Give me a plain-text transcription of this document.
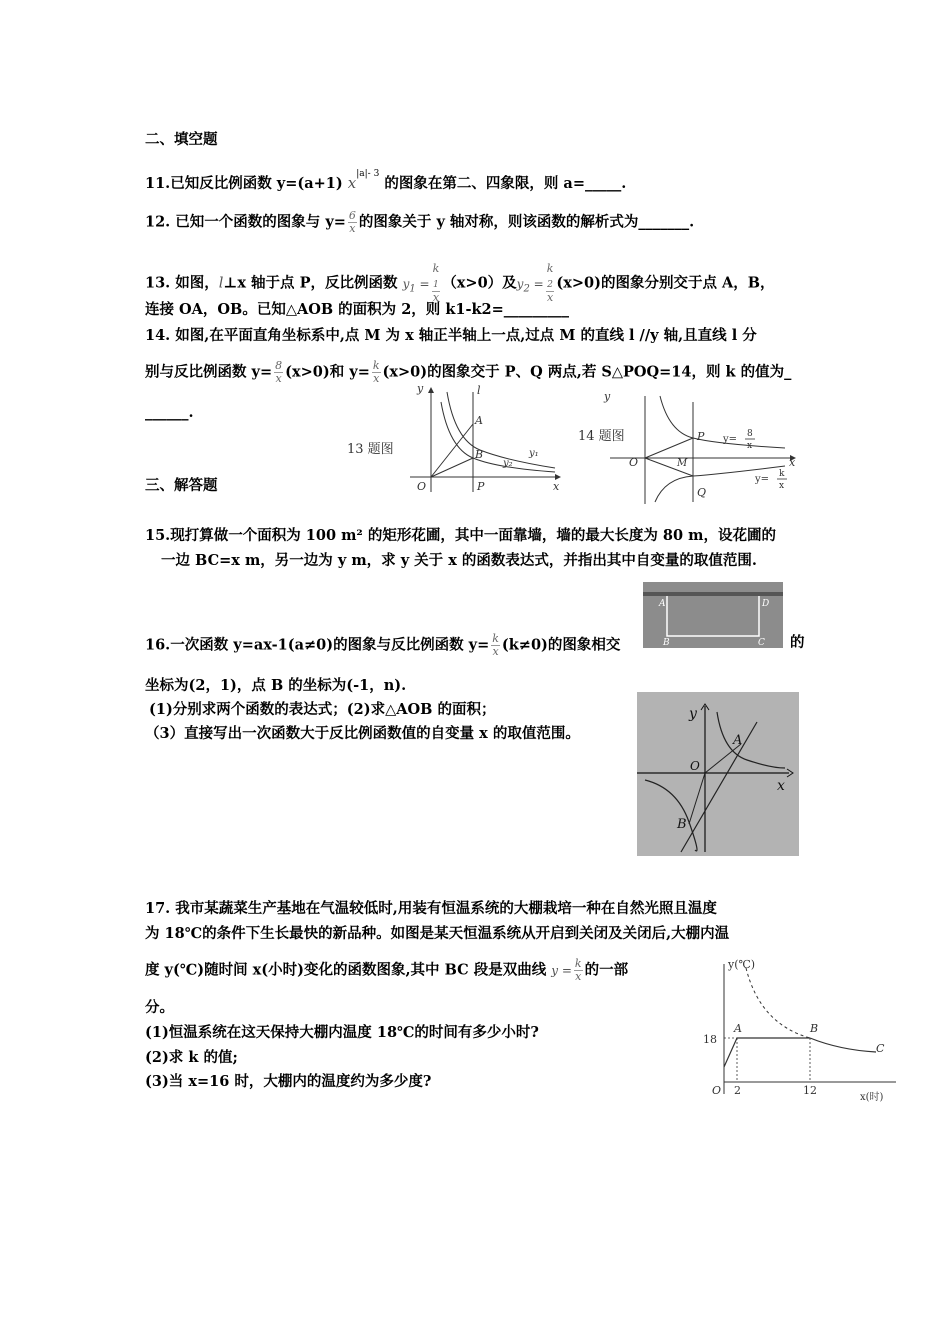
二、填空题
11.已知反比例函数 y=(a+1) $x^{|a|- 3}$ 的图象在第二、四象限，则 a=_____.
12. 已知一个函数的图象与 $y= \frac{6}{x}$ 的图象关于 y 轴对称，则该函数的解析式为_______.
13. 如图，l⊥x 轴于点 P，反比例函数 $y_1 = k$
$_1$
x （x>0）及$y_2 = k$
$_2$
x (x>0)的图象分别交于点 A，B，
连接 OA，OB。已知△AOB 的面积为 2，则 k1-k2=_________
14. 如图,在平面直角坐标系中,点 M 为 x 轴正半轴上一点,过点 M 的直线 l //y 轴,且直线 l 分
别与反比例函数 $y= \frac{8}{x} (x>0)$和 $y= \frac{k}{x} (x>0)$的图象交于 P、Q 两点,若 S△POQ=14，则 k 的值为_
______.
13 题图
y	l
A
B	y₁
y₂
O	P	x
14 题图
O	M
P
Q
x
y= 8
x
y= k
x
y
三、解答题
15.现打算做一个面积为 100 m² 的矩形花圃，其中一面靠墙，墙的最大长度为 80 m，设花圃的
一边 BC=x m，另一边为 y m，求 y 关于 x 的函数表达式，并指出其中自变量的取值范围.
A	D
B	C
16.一次函数 y=ax-1(a≠0)的图象与反比例函数 $y= \frac{k}{x} (k\ne 0)$的图象相交	的
坐标为(2，1)，点 B 的坐标为(-1，n).
(1)分别求两个函数的表达式；(2)求△AOB 的面积；
（3）直接写出一次函数大于反比例函数值的自变量 x 的取值范围。
y
A
O
x
B
17. 我市某蔬菜生产基地在气温较低时,用装有恒温系统的大棚栽培一种在自然光照且温度
为 18℃的条件下生长最快的新品种。如图是某天恒温系统从开启到关闭及关闭后,大棚内温
度 y(℃)随时间 x(小时)变化的函数图象,其中 BC 段是双曲线 $y = \frac{k}{x}$ 的一部
分。
(1)恒温系统在这天保持大棚内温度 18℃的时间有多少小时?
(2)求 k 的值;
(3)当 x=16 时，大棚内的温度约为多少度?
y(℃)
18
A	B
C
O 2	12
x(时)
